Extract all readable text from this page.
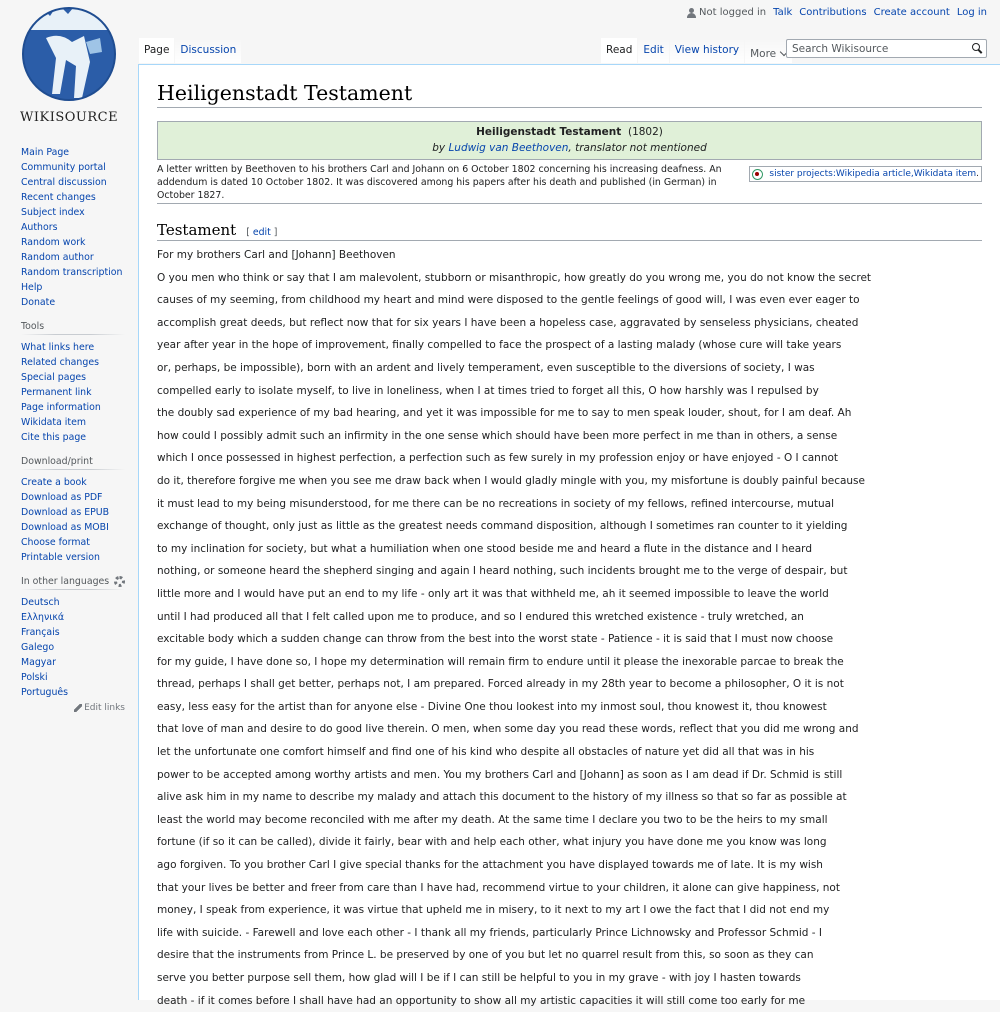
Not logged in Talk Contributions Create account Log in
WIKISOURCE
Main Page
Community portal
Central discussion
Recent changes
Subject index
Authors
Random work
Random author
Random transcription
Help
Donate
Tools
What links here
Related changes
Special pages
Permanent link
Page information
Wikidata item
Cite this page
Download/print
Create a book
Download as PDF
Download as EPUB
Download as MOBI
Choose format
Printable version
In other languages
Deutsch
Ελληνικά
Français
Galego
Magyar
Polski
Português
Edit links
Page	Discussion	Read	Edit	View history	More
Search Wikisource
Heiligenstadt Testament
Heiligenstadt Testament (1802)
by Ludwig van Beethoven, translator not mentioned
A letter written by Beethoven to his brothers Carl and Johann on 6 October 1802 concerning his increasing deafness. An addendum is dated 10 October 1802. It was discovered among his papers after his death and published (in German) in October 1827.
sister projects: Wikipedia article , Wikidata item .
Testament [ edit ]

For my brothers Carl and [Johann] Beethoven

O you men who think or say that I am malevolent, stubborn or misanthropic, how greatly do you wrong me, you do not know the secret

causes of my seeming, from childhood my heart and mind were disposed to the gentle feelings of good will, I was even ever eager to

accomplish great deeds, but reflect now that for six years I have been a hopeless case, aggravated by senseless physicians, cheated

year after year in the hope of improvement, finally compelled to face the prospect of a lasting malady (whose cure will take years

or, perhaps, be impossible), born with an ardent and lively temperament, even susceptible to the diversions of society, I was

compelled early to isolate myself, to live in loneliness, when I at times tried to forget all this, O how harshly was I repulsed by

the doubly sad experience of my bad hearing, and yet it was impossible for me to say to men speak louder, shout, for I am deaf. Ah

how could I possibly admit such an infirmity in the one sense which should have been more perfect in me than in others, a sense

which I once possessed in highest perfection, a perfection such as few surely in my profession enjoy or have enjoyed - O I cannot

do it, therefore forgive me when you see me draw back when I would gladly mingle with you, my misfortune is doubly painful because

it must lead to my being misunderstood, for me there can be no recreations in society of my fellows, refined intercourse, mutual

exchange of thought, only just as little as the greatest needs command disposition, although I sometimes ran counter to it yielding

to my inclination for society, but what a humiliation when one stood beside me and heard a flute in the distance and I heard

nothing, or someone heard the shepherd singing and again I heard nothing, such incidents brought me to the verge of despair, but

little more and I would have put an end to my life - only art it was that withheld me, ah it seemed impossible to leave the world

until I had produced all that I felt called upon me to produce, and so I endured this wretched existence - truly wretched, an

excitable body which a sudden change can throw from the best into the worst state - Patience - it is said that I must now choose

for my guide, I have done so, I hope my determination will remain firm to endure until it please the inexorable parcae to break the

thread, perhaps I shall get better, perhaps not, I am prepared. Forced already in my 28th year to become a philosopher, O it is not

easy, less easy for the artist than for anyone else - Divine One thou lookest into my inmost soul, thou knowest it, thou knowest

that love of man and desire to do good live therein. O men, when some day you read these words, reflect that you did me wrong and

let the unfortunate one comfort himself and find one of his kind who despite all obstacles of nature yet did all that was in his

power to be accepted among worthy artists and men. You my brothers Carl and [Johann] as soon as I am dead if Dr. Schmid is still

alive ask him in my name to describe my malady and attach this document to the history of my illness so that so far as possible at

least the world may become reconciled with me after my death. At the same time I declare you two to be the heirs to my small

fortune (if so it can be called), divide it fairly, bear with and help each other, what injury you have done me you know was long

ago forgiven. To you brother Carl I give special thanks for the attachment you have displayed towards me of late. It is my wish

that your lives be better and freer from care than I have had, recommend virtue to your children, it alone can give happiness, not

money, I speak from experience, it was virtue that upheld me in misery, to it next to my art I owe the fact that I did not end my

life with suicide. - Farewell and love each other - I thank all my friends, particularly Prince Lichnowsky and Professor Schmid - I

desire that the instruments from Prince L. be preserved by one of you but let no quarrel result from this, so soon as they can

serve you better purpose sell them, how glad will I be if I can still be helpful to you in my grave - with joy I hasten towards

death - if it comes before I shall have had an opportunity to show all my artistic capacities it will still come too early for me
